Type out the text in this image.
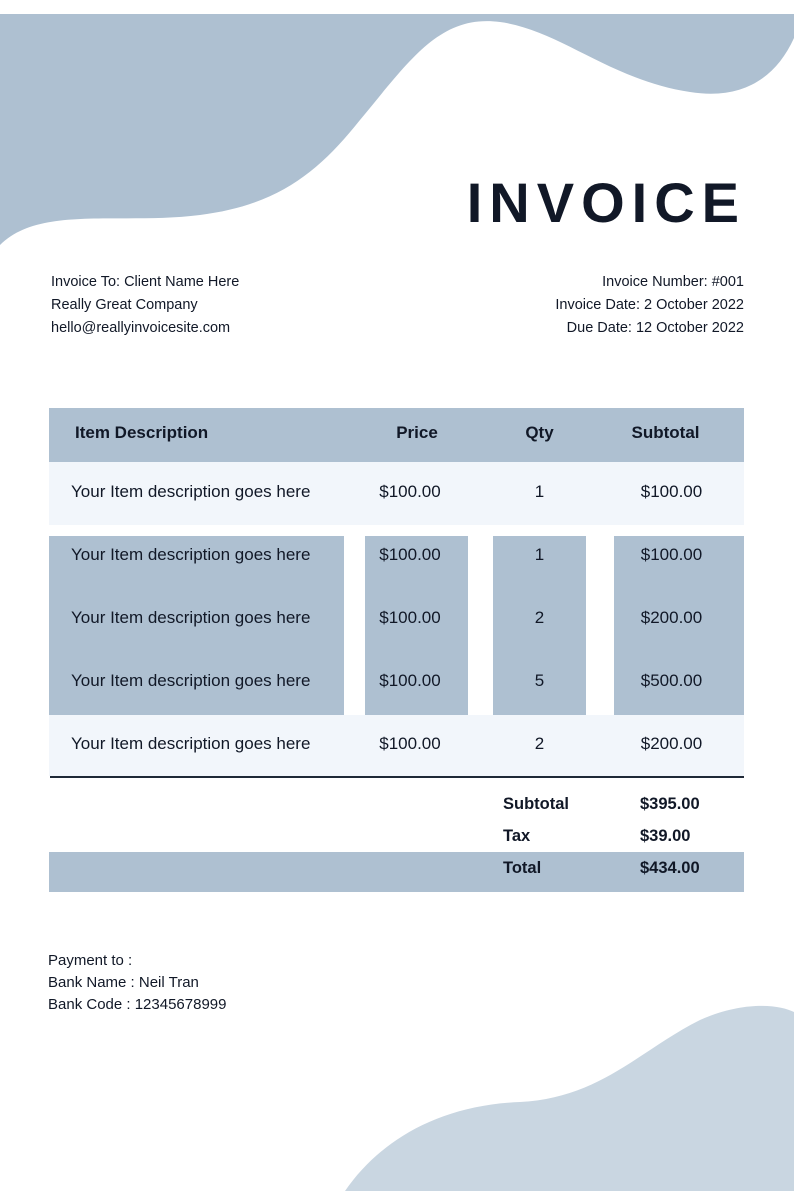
INVOICE
Invoice To: Client Name Here
Really Great Company
hello@reallyinvoicesite.com
Invoice Number: #001
Invoice Date: 2 October 2022
Due Date: 12 October 2022
Item Description	Price	Qty	Subtotal
Your Item description goes here	$100.00	1	$100.00
Your Item description goes here	$100.00	1	$100.00
Your Item description goes here	$100.00	2	$200.00
Your Item description goes here	$100.00	5	$500.00
Your Item description goes here	$100.00	2	$200.00
Subtotal	$395.00
Tax	$39.00
Total	$434.00
Payment to :
Bank Name : Neil Tran
Bank Code : 12345678999
